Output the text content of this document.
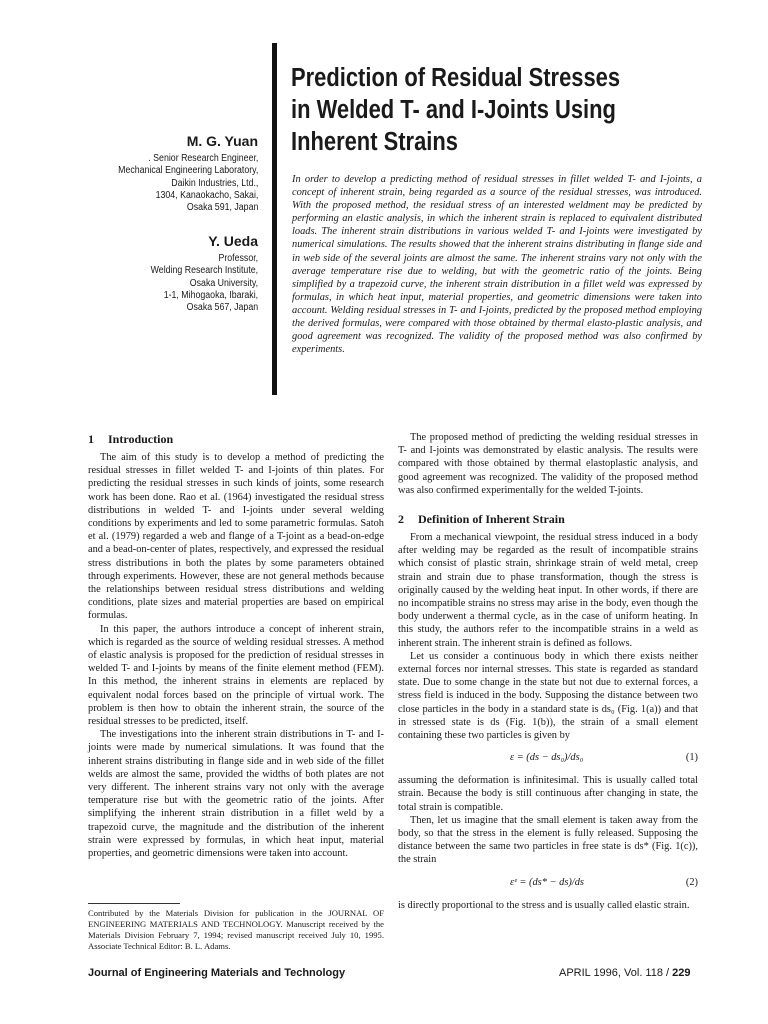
Prediction of Residual Stresses
in Welded T- and I-Joints Using
Inherent Strains
M. G. Yuan
. Senior Research Engineer,
Mechanical Engineering Laboratory,
Daikin Industries, Ltd.,
1304, Kanaokacho, Sakai,
Osaka 591, Japan
Y. Ueda
Professor,
Welding Research Institute,
Osaka University,
1-1, Mihogaoka, Ibaraki,
Osaka 567, Japan

In order to develop a predicting method of residual stresses in fillet welded T- and I-joints, a concept of inherent strain, being regarded as a source of the residual stresses, was introduced. With the proposed method, the residual stress of an interested weldment may be predicted by performing an elastic analysis, in which the inherent strain is replaced to equivalent distributed loads. The inherent strain distributions in various welded T- and I-joints were investigated by numerical simulations. The results showed that the inherent strains distributing in flange side and in web side of the several joints are almost the same. The inherent strains vary not only with the average temperature rise due to welding, but with the geometric ratio of the joints. Being simplified by a trapezoid curve, the inherent strain distribution in a fillet weld was expressed by formulas, in which heat input, material properties, and geometric dimensions were taken into account. Welding residual stresses in T- and I-joints, predicted by the proposed method employing the derived formulas, were compared with those obtained by thermal elasto-plastic analysis, and good agreement was recognized. The validity of the proposed method was also confirmed by experiments.

1 Introduction

The aim of this study is to develop a method of predicting the residual stresses in fillet welded T- and I-joints of thin plates. For predicting the residual stresses in such kinds of joints, some research work has been done. Rao et al. (1964) investigated the residual stress distributions in welded T- and I-joints under several welding conditions by experiments and led to some parametric formulas. Satoh et al. (1979) regarded a web and flange of a T-joint as a bead-on-edge and a bead-on-center of plates, respectively, and expressed the residual stress distributions in both the plates by some parameters obtained through experiments. However, these are not general methods because the relationships between residual stress distributions and welding conditions, plate sizes and material properties are based on empirical formulas.

In this paper, the authors introduce a concept of inherent strain, which is regarded as the source of welding residual stresses. A method of elastic analysis is proposed for the prediction of residual stresses in welded T- and I-joints by means of the finite element method (FEM). In this method, the inherent strains in elements are replaced by equivalent nodal forces based on the principle of virtual work. The problem is then how to obtain the inherent strain, the source of the residual stresses to be predicted, itself.

The investigations into the inherent strain distributions in T- and I-joints were made by numerical simulations. It was found that the inherent strains distributing in flange side and in web side of the fillet welds are almost the same, provided the widths of both plates are not very different. The inherent strains vary not only with the average temperature rise but with the geometric ratio of the joints. After simplifying the inherent strain distribution in a fillet weld by a trapezoid curve, the magnitude and the distribution of the inherent strain were expressed by formulas, in which heat input, material properties, and geometric dimensions were taken into account.

The proposed method of predicting the welding residual stresses in T- and I-joints was demonstrated by elastic analysis. The results were compared with those obtained by thermal elastoplastic analysis, and good agreement was recognized. The validity of the proposed method was also confirmed experimentally for the welded T-joints.

2 Definition of Inherent Strain

From a mechanical viewpoint, the residual stress induced in a body after welding may be regarded as the result of incompatible strains which consist of plastic strain, shrinkage strain of weld metal, creep strain and strain due to phase transformation, though the stress is originally caused by the welding heat input. In other words, if there are no incompatible strains no stress may arise in the body, even though the body underwent a thermal cycle, as in the case of uniform heating. In this study, the authors refer to the incompatible strains in a weld as inherent strain. The inherent strain is defined as follows.

Let us consider a continuous body in which there exists neither external forces nor internal stresses. This state is regarded as standard state. Due to some change in the state but not due to external forces, a stress field is induced in the body. Supposing the distance between two close particles in the body in a standard state is ds₀ (Fig. 1(a)) and that in stressed state is ds (Fig. 1(b)), the strain of a small element containing these two particles is given by

ε = (ds − ds₀)/ds₀	(1)

assuming the deformation is infinitesimal. This is usually called total strain. Because the body is still continuous after changing in state, the total strain is compatible.

Then, let us imagine that the small element is taken away from the body, so that the stress in the element is fully released. Supposing the distance between the same two particles in free state is ds* (Fig. 1(c)), the strain

εᵉ = (ds* − ds)/ds	(2)

is directly proportional to the stress and is usually called elastic strain.

Contributed by the Materials Division for publication in the JOURNAL OF ENGINEERING MATERIALS AND TECHNOLOGY. Manuscript received by the Materials Division February 7, 1994; revised manuscript received July 10, 1995. Associate Technical Editor: B. L. Adams.
Journal of Engineering Materials and Technology	APRIL 1996, Vol. 118 / 229
